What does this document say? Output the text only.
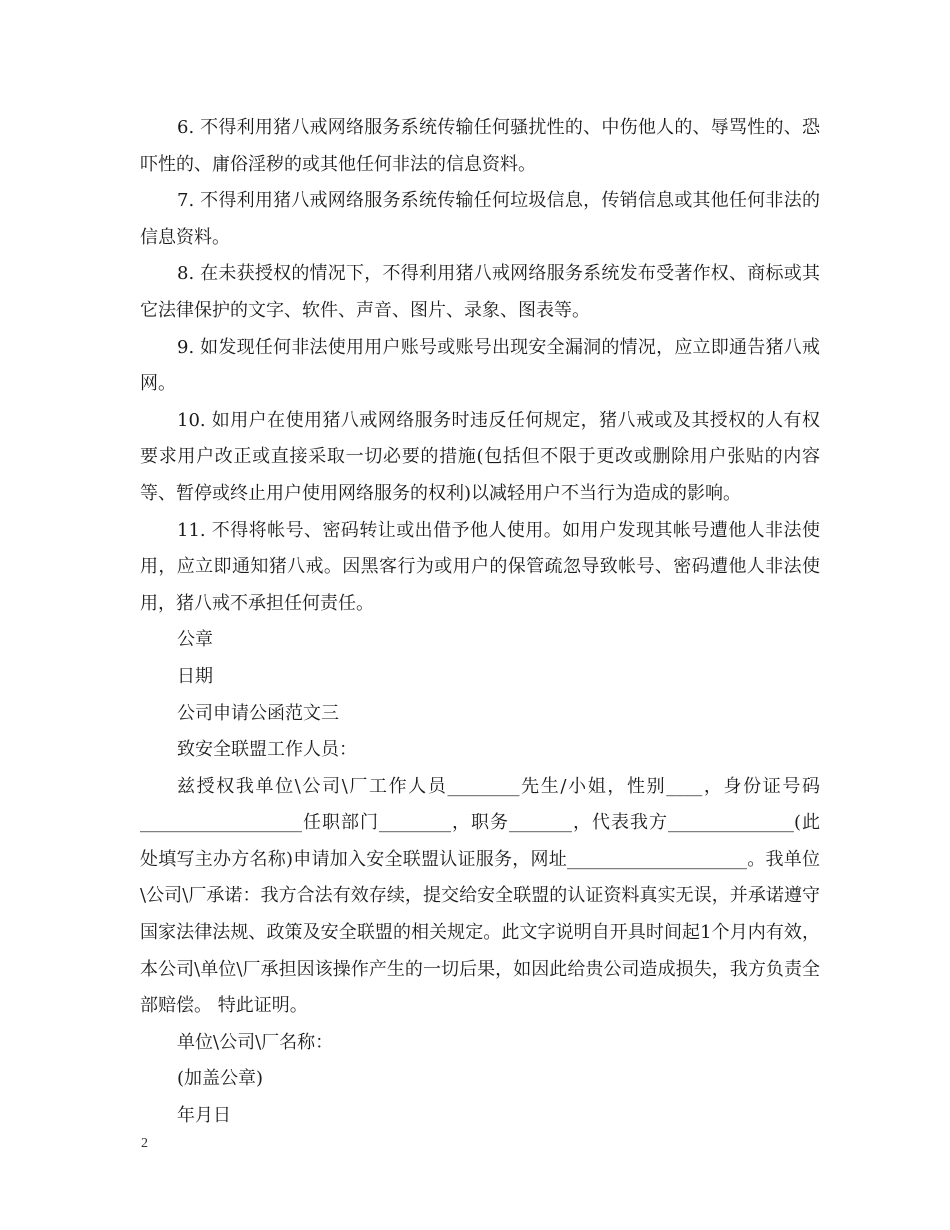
6. 不得利用猪八戒网络服务系统传输任何骚扰性的、中伤他人的、辱骂性的、恐吓性的、庸俗淫秽的或其他任何非法的信息资料。

7. 不得利用猪八戒网络服务系统传输任何垃圾信息，传销信息或其他任何非法的信息资料。

8. 在未获授权的情况下，不得利用猪八戒网络服务系统发布受著作权、商标或其它法律保护的文字、软件、声音、图片、录象、图表等。

9. 如发现任何非法使用用户账号或账号出现安全漏洞的情况，应立即通告猪八戒网。

10. 如用户在使用猪八戒网络服务时违反任何规定，猪八戒或及其授权的人有权要求用户改正或直接采取一切必要的措施(包括但不限于更改或删除用户张贴的内容等、暂停或终止用户使用网络服务的权利)以减轻用户不当行为造成的影响。

11. 不得将帐号、密码转让或出借予他人使用。如用户发现其帐号遭他人非法使用，应立即通知猪八戒。因黑客行为或用户的保管疏忽导致帐号、密码遭他人非法使用，猪八戒不承担任何责任。

公章

日期

公司申请公函范文三

致安全联盟工作人员：

兹授权我单位\公司\厂工作人员________先生/小姐，性别____，身份证号码__________________任职部门________，职务_______，代表我方______________(此处填写主办方名称)申请加入安全联盟认证服务，网址____________________。我单位\公司\厂承诺：我方合法有效存续，提交给安全联盟的认证资料真实无误，并承诺遵守国家法律法规、政策及安全联盟的相关规定。此文字说明自开具时间起1个月内有效，本公司\单位\厂承担因该操作产生的一切后果，如因此给贵公司造成损失，我方负责全部赔偿。 特此证明。

单位\公司\厂名称：

(加盖公章)

年月日

2
